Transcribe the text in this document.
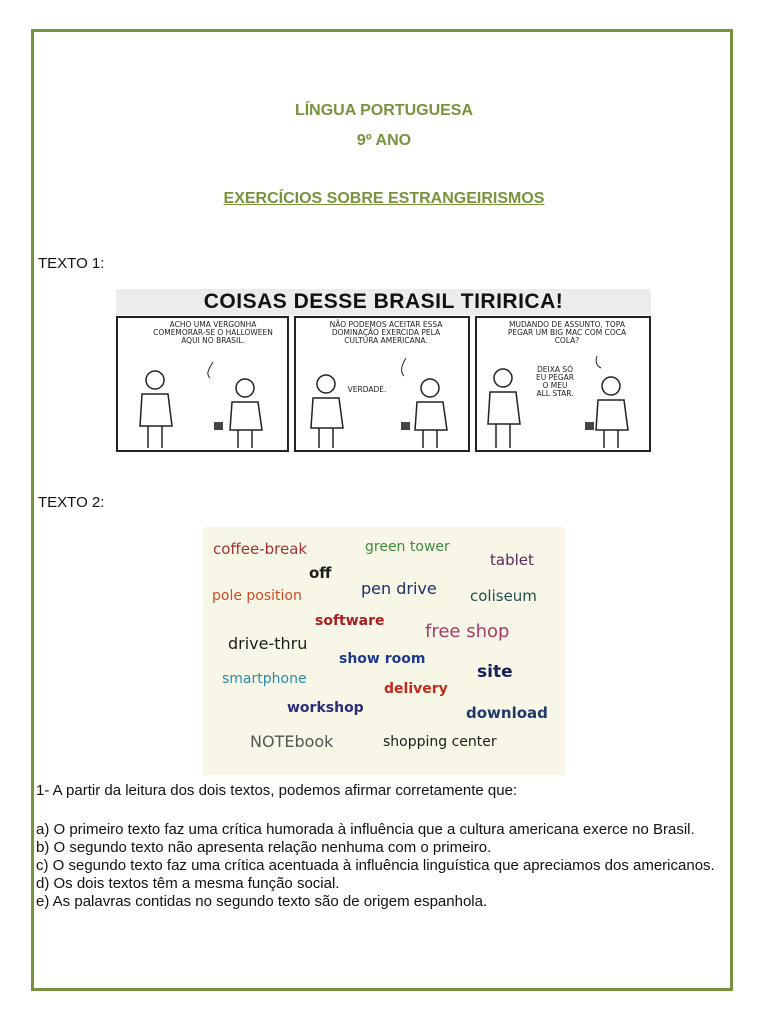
LÍNGUA PORTUGUESA
9º ANO
EXERCÍCIOS SOBRE ESTRANGEIRISMOS
TEXTO 1:
COISAS DESSE BRASIL TIRIRICA!
ACHO UMA VERGONHA COMEMORAR-SE O HALLOWEEN AQUI NO BRASIL.
NÃO PODEMOS ACEITAR ESSA DOMINAÇÃO EXERCIDA PELA CULTURA AMERICANA.
VERDADE.
MUDANDO DE ASSUNTO, TOPA PEGAR UM BIG MAC COM COCA COLA?
DEIXA SÓ EU PEGAR O MEU ALL STAR.
TEXTO 2:
coffee-break	green tower
tablet
off
pole position	pen drive coliseum
software free shop
drive-thru
show room
site
smartphone
delivery
workshop	download
NOTEbook	shopping center
1- A partir da leitura dos dois textos, podemos afirmar corretamente que:
a) O primeiro texto faz uma crítica humorada à influência que a cultura americana exerce no Brasil.
b) O segundo texto não apresenta relação nenhuma com o primeiro.
c) O segundo texto faz uma crítica acentuada à influência linguística que apreciamos dos americanos.
d) Os dois textos têm a mesma função social.
e) As palavras contidas no segundo texto são de origem espanhola.
